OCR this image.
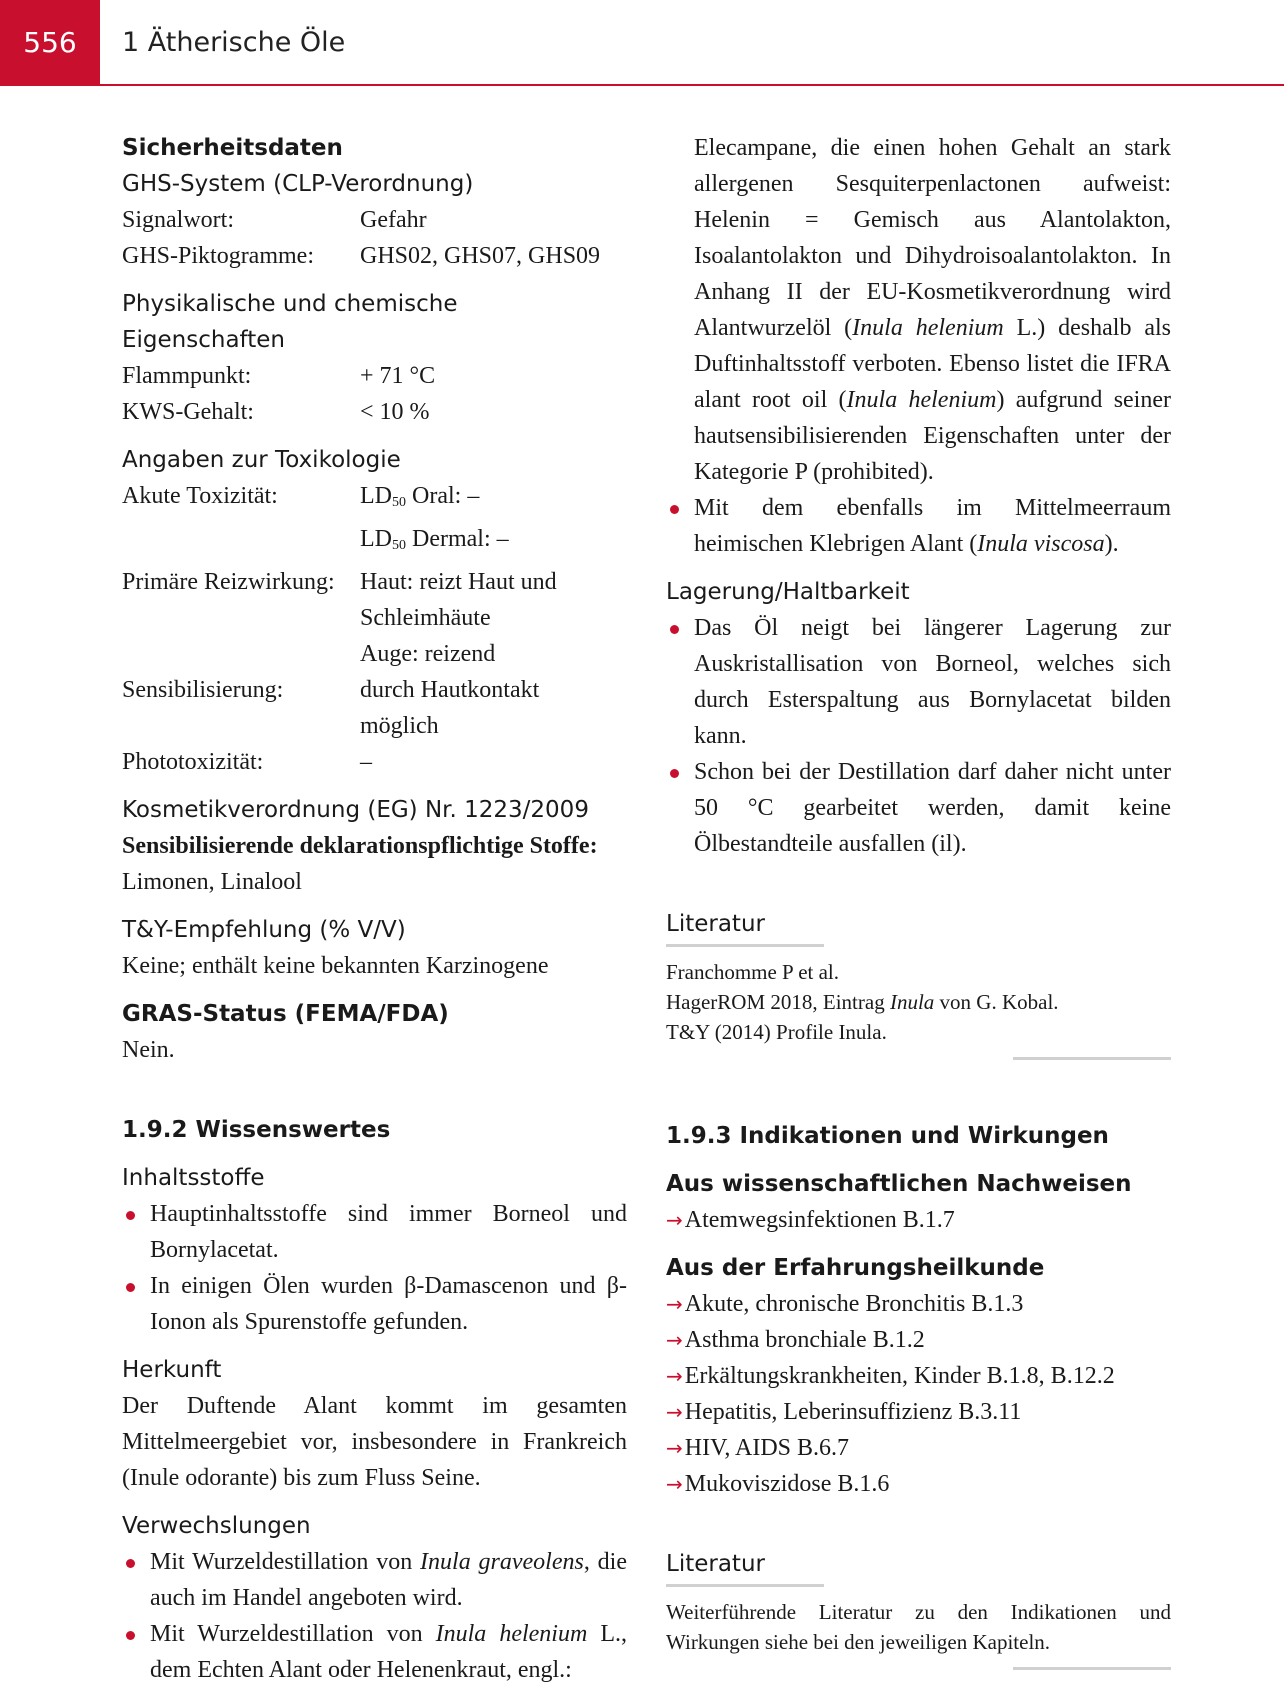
556	1 Ätherische Öle
Sicherheitsdaten
GHS-System (CLP-Verordnung)
Signalwort:	Gefahr
GHS-Piktogramme:	GHS02, GHS07, GHS09
Physikalische und chemische Eigenschaften
Flammpunkt:	+ 71 °C
KWS-Gehalt:	< 10 %
Angaben zur Toxikologie
Akute Toxizität:	$LD_{50}$ Oral: –
$LD_{50}$ Dermal: –
Primäre Reizwirkung:	Haut: reizt Haut und
Schleimhäute
Auge: reizend
Sensibilisierung:	durch Hautkontakt
möglich
Phototoxizität:	–
Kosmetikverordnung (EG) Nr. 1223/2009
Sensibilisierende deklarationspflichtige Stoffe:
Limonen, Linalool
T&Y-Empfehlung (% V/V)
Keine; enthält keine bekannten Karzinogene
GRAS-Status (FEMA/FDA)
Nein.
1.9.2 Wissenswertes
Inhaltsstoffe
Hauptinhaltsstoffe sind immer Borneol und Bornylacetat.
In einigen Ölen wurden β-Damascenon und β-Ionon als Spurenstoffe gefunden.
Herkunft
Der Duftende Alant kommt im gesamten Mittelmeergebiet vor, insbesondere in Frankreich (Inule odorante) bis zum Fluss Seine.
Verwechslungen
Mit Wurzeldestillation von Inula graveolens, die auch im Handel angeboten wird.
Mit Wurzeldestillation von Inula helenium L., dem Echten Alant oder Helenenkraut, engl.:
Elecampane, die einen hohen Gehalt an stark allergenen Sesquiterpenlactonen aufweist: Helenin = Gemisch aus Alantolakton, Isoalantolakton und Dihydroisoalantolakton. In Anhang II der EU-Kosmetikverordnung wird Alantwurzelöl (Inula helenium L.) deshalb als Duftinhaltsstoff verboten. Ebenso listet die IFRA alant root oil (Inula helenium) aufgrund seiner hautsensibilisierenden Eigenschaften unter der Kategorie P (prohibited).
Mit dem ebenfalls im Mittelmeerraum heimischen Klebrigen Alant (Inula viscosa).
Lagerung/Haltbarkeit
Das Öl neigt bei längerer Lagerung zur Auskristallisation von Borneol, welches sich durch Esterspaltung aus Bornylacetat bilden kann.
Schon bei der Destillation darf daher nicht unter 50 °C gearbeitet werden, damit keine Ölbestandteile ausfallen (il).
Literatur
Franchomme P et al.
HagerROM 2018, Eintrag Inula von G. Kobal.
T&Y (2014) Profile Inula.
1.9.3 Indikationen und Wirkungen
Aus wissenschaftlichen Nachweisen
→Atemwegsinfektionen B.1.7
Aus der Erfahrungsheilkunde
→Akute, chronische Bronchitis B.1.3
→Asthma bronchiale B.1.2
→Erkältungskrankheiten, Kinder B.1.8, B.12.2
→Hepatitis, Leberinsuffizienz B.3.11
→HIV, AIDS B.6.7
→Mukoviszidose B.1.6
Literatur
Weiterführende Literatur zu den Indikationen und Wirkungen siehe bei den jeweiligen Kapiteln.
